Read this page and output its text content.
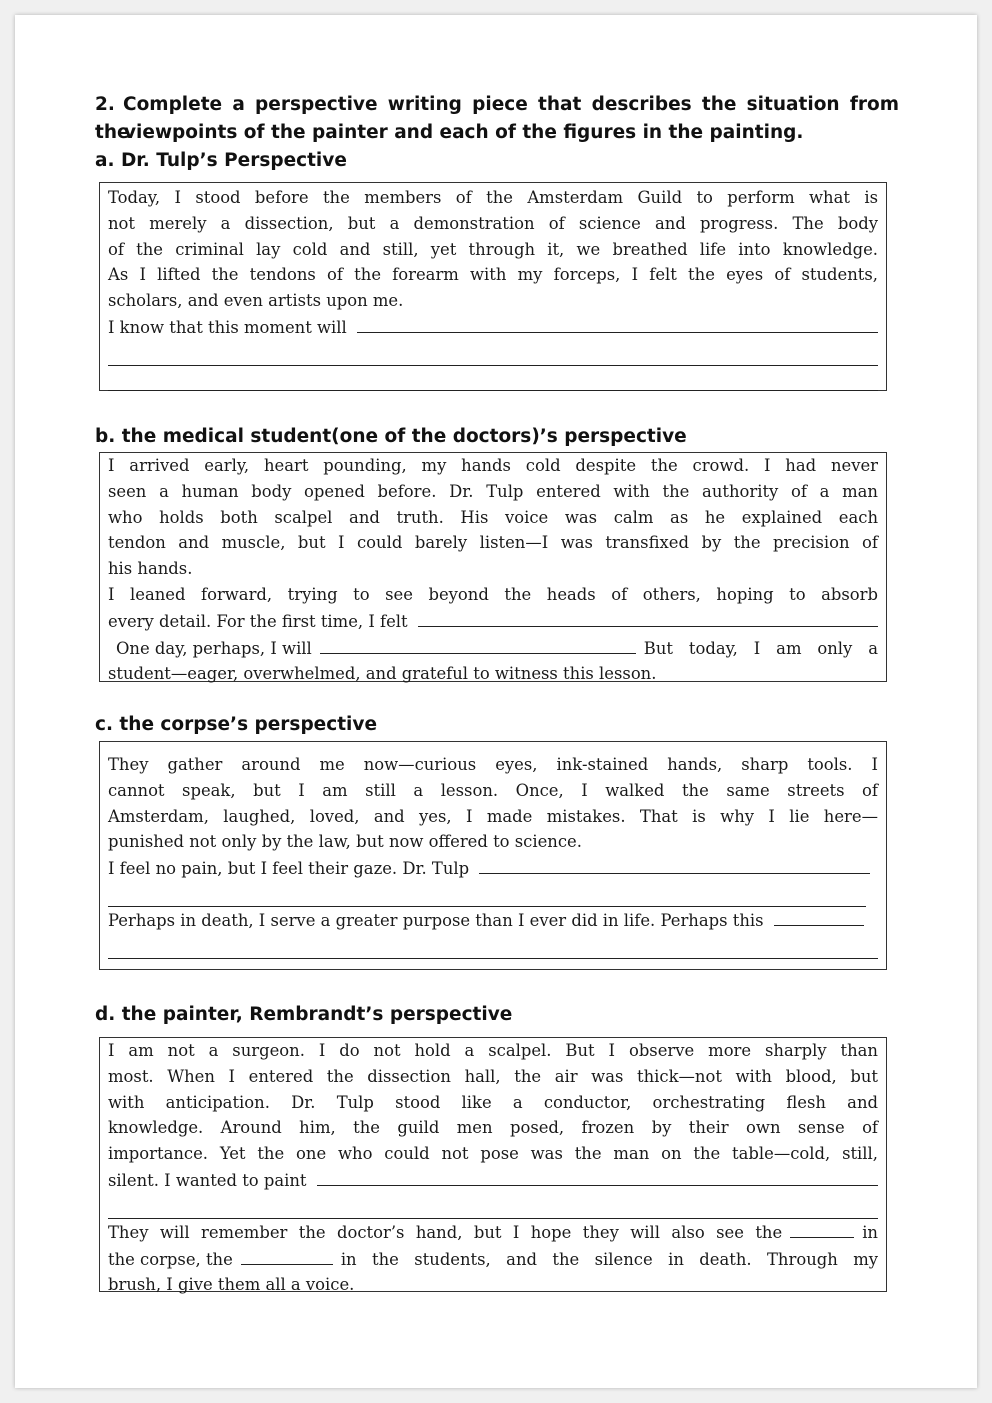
2. Complete a perspective writing piece that describes the situation from the

viewpoints of the painter and each of the figures in the painting.

a. Dr. Tulp’s Perspective

Today, I stood before the members of the Amsterdam Guild to perform what is
not merely a dissection, but a demonstration of science and progress. The body
of the criminal lay cold and still, yet through it, we breathed life into knowledge.
As I lifted the tendons of the forearm with my forceps, I felt the eyes of students,
scholars, and even artists upon me.
I know that this moment will

b. the medical student(one of the doctors)’s perspective

I arrived early, heart pounding, my hands cold despite the crowd. I had never
seen a human body opened before. Dr. Tulp entered with the authority of a man
who holds both scalpel and truth. His voice was calm as he explained each
tendon and muscle, but I could barely listen—I was transfixed by the precision of
his hands.
I leaned forward, trying to see beyond the heads of others, hoping to absorb
every detail. For the first time, I felt
One day, perhaps, I will	But today, I am only a
student—eager, overwhelmed, and grateful to witness this lesson.

c. the corpse’s perspective

They gather around me now—curious eyes, ink-stained hands, sharp tools. I
cannot speak, but I am still a lesson. Once, I walked the same streets of
Amsterdam, laughed, loved, and yes, I made mistakes. That is why I lie here—
punished not only by the law, but now offered to science.
I feel no pain, but I feel their gaze. Dr. Tulp
Perhaps in death, I serve a greater purpose than I ever did in life. Perhaps this

d. the painter, Rembrandt’s perspective

I am not a surgeon. I do not hold a scalpel. But I observe more sharply than
most. When I entered the dissection hall, the air was thick—not with blood, but
with anticipation. Dr. Tulp stood like a conductor, orchestrating flesh and
knowledge. Around him, the guild men posed, frozen by their own sense of
importance. Yet the one who could not pose was the man on the table—cold, still,
silent. I wanted to paint
They will remember the doctor’s hand, but I hope they will also see the	in
the corpse, the	in the students, and the silence in death. Through my
brush, I give them all a voice.
